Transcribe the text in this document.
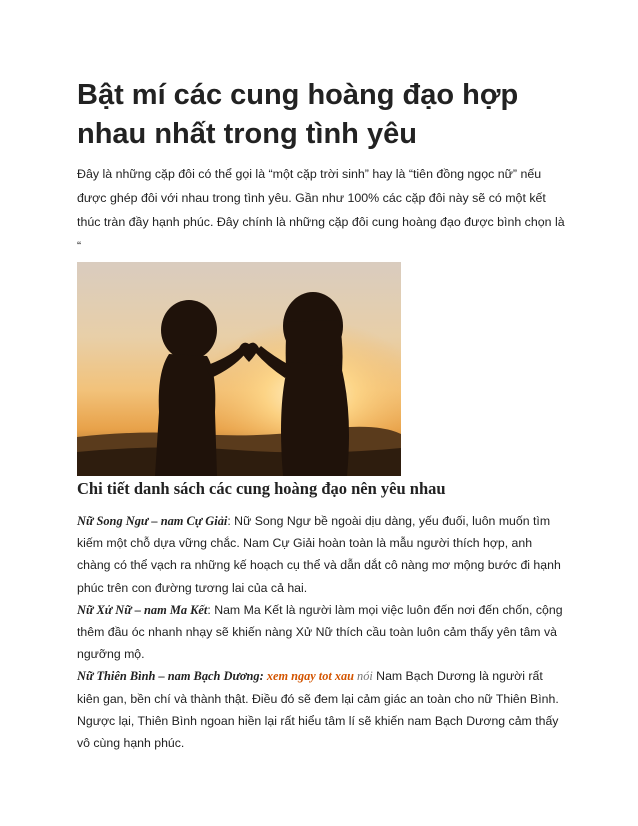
Bật mí các cung hoàng đạo hợp nhau nhất trong tình yêu

Đây là những cặp đôi có thể gọi là “một cặp trời sinh” hay là “tiên đồng ngọc nữ” nếu được ghép đôi với nhau trong tình yêu. Gần như 100% các cặp đôi này sẽ có một kết thúc tràn đầy hạnh phúc. Đây chính là những cặp đôi cung hoàng đạo được bình chọn là “

Chi tiết danh sách các cung hoàng đạo nên yêu nhau
Nữ Song Ngư – nam Cự Giải: Nữ Song Ngư bề ngoài dịu dàng, yếu đuối, luôn muốn tìm kiếm một chỗ dựa vững chắc. Nam Cự Giải hoàn toàn là mẫu người thích hợp, anh chàng có thể vạch ra những kế hoạch cụ thể và dẫn dắt cô nàng mơ mộng bước đi hạnh phúc trên con đường tương lai của cả hai.
Nữ Xử Nữ – nam Ma Kết: Nam Ma Kết là người làm mọi việc luôn đến nơi đến chốn, cộng thêm đầu óc nhanh nhạy sẽ khiến nàng Xử Nữ thích cầu toàn luôn cảm thấy yên tâm và ngưỡng mộ.
Nữ Thiên Bình – nam Bạch Dương: xem ngay tot xau nói Nam Bạch Dương là người rất kiên gan, bền chí và thành thật. Điều đó sẽ đem lại cảm giác an toàn cho nữ Thiên Bình. Ngược lại, Thiên Bình ngoan hiền lại rất hiểu tâm lí sẽ khiến nam Bạch Dương cảm thấy vô cùng hạnh phúc.
